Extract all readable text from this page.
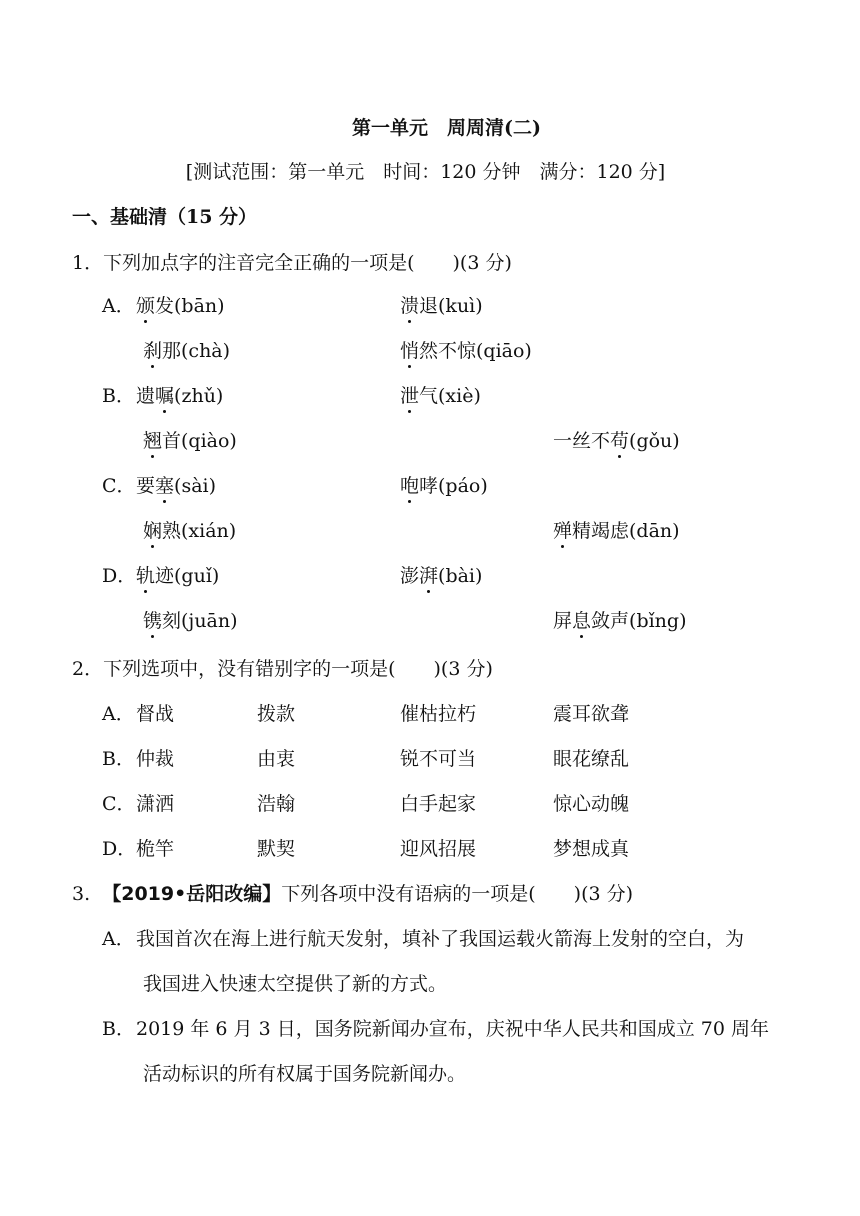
第一单元　周周清(二)
[测试范围：第一单元　时间：120 分钟　满分：120 分]
一、基础清（15 分）
1．下列加点字的注音完全正确的一项是(　　)(3 分)
A． 颁发(bān)	溃退(kuì)
刹那(chà)	悄然不惊(qiāo)
B． 遗嘱(zhǔ)	泄气(xiè)
翘首(qiào)	一丝不苟(gǒu)
C． 要塞(sài)	咆哮(páo)
娴熟(xián)	殚精竭虑(dān)
D． 轨迹(guǐ)	澎湃(bài)
镌刻(juān)	屏息敛声(bǐng)
2．下列选项中，没有错别字的一项是(　　)(3 分)
A． 督战	拨款	催枯拉朽	震耳欲聋
B． 仲裁	由衷	锐不可当	眼花缭乱
C． 潇洒	浩翰	白手起家	惊心动魄
D． 桅竿	默契	迎风招展	梦想成真
3. 【2019•岳阳改编】下列各项中没有语病的一项是(　　)(3 分)
A． 我国首次在海上进行航天发射，填补了我国运载火箭海上发射的空白，为
我国进入快速太空提供了新的方式。
B． 2019 年 6 月 3 日，国务院新闻办宣布，庆祝中华人民共和国成立 70 周年
活动标识的所有权属于国务院新闻办。
